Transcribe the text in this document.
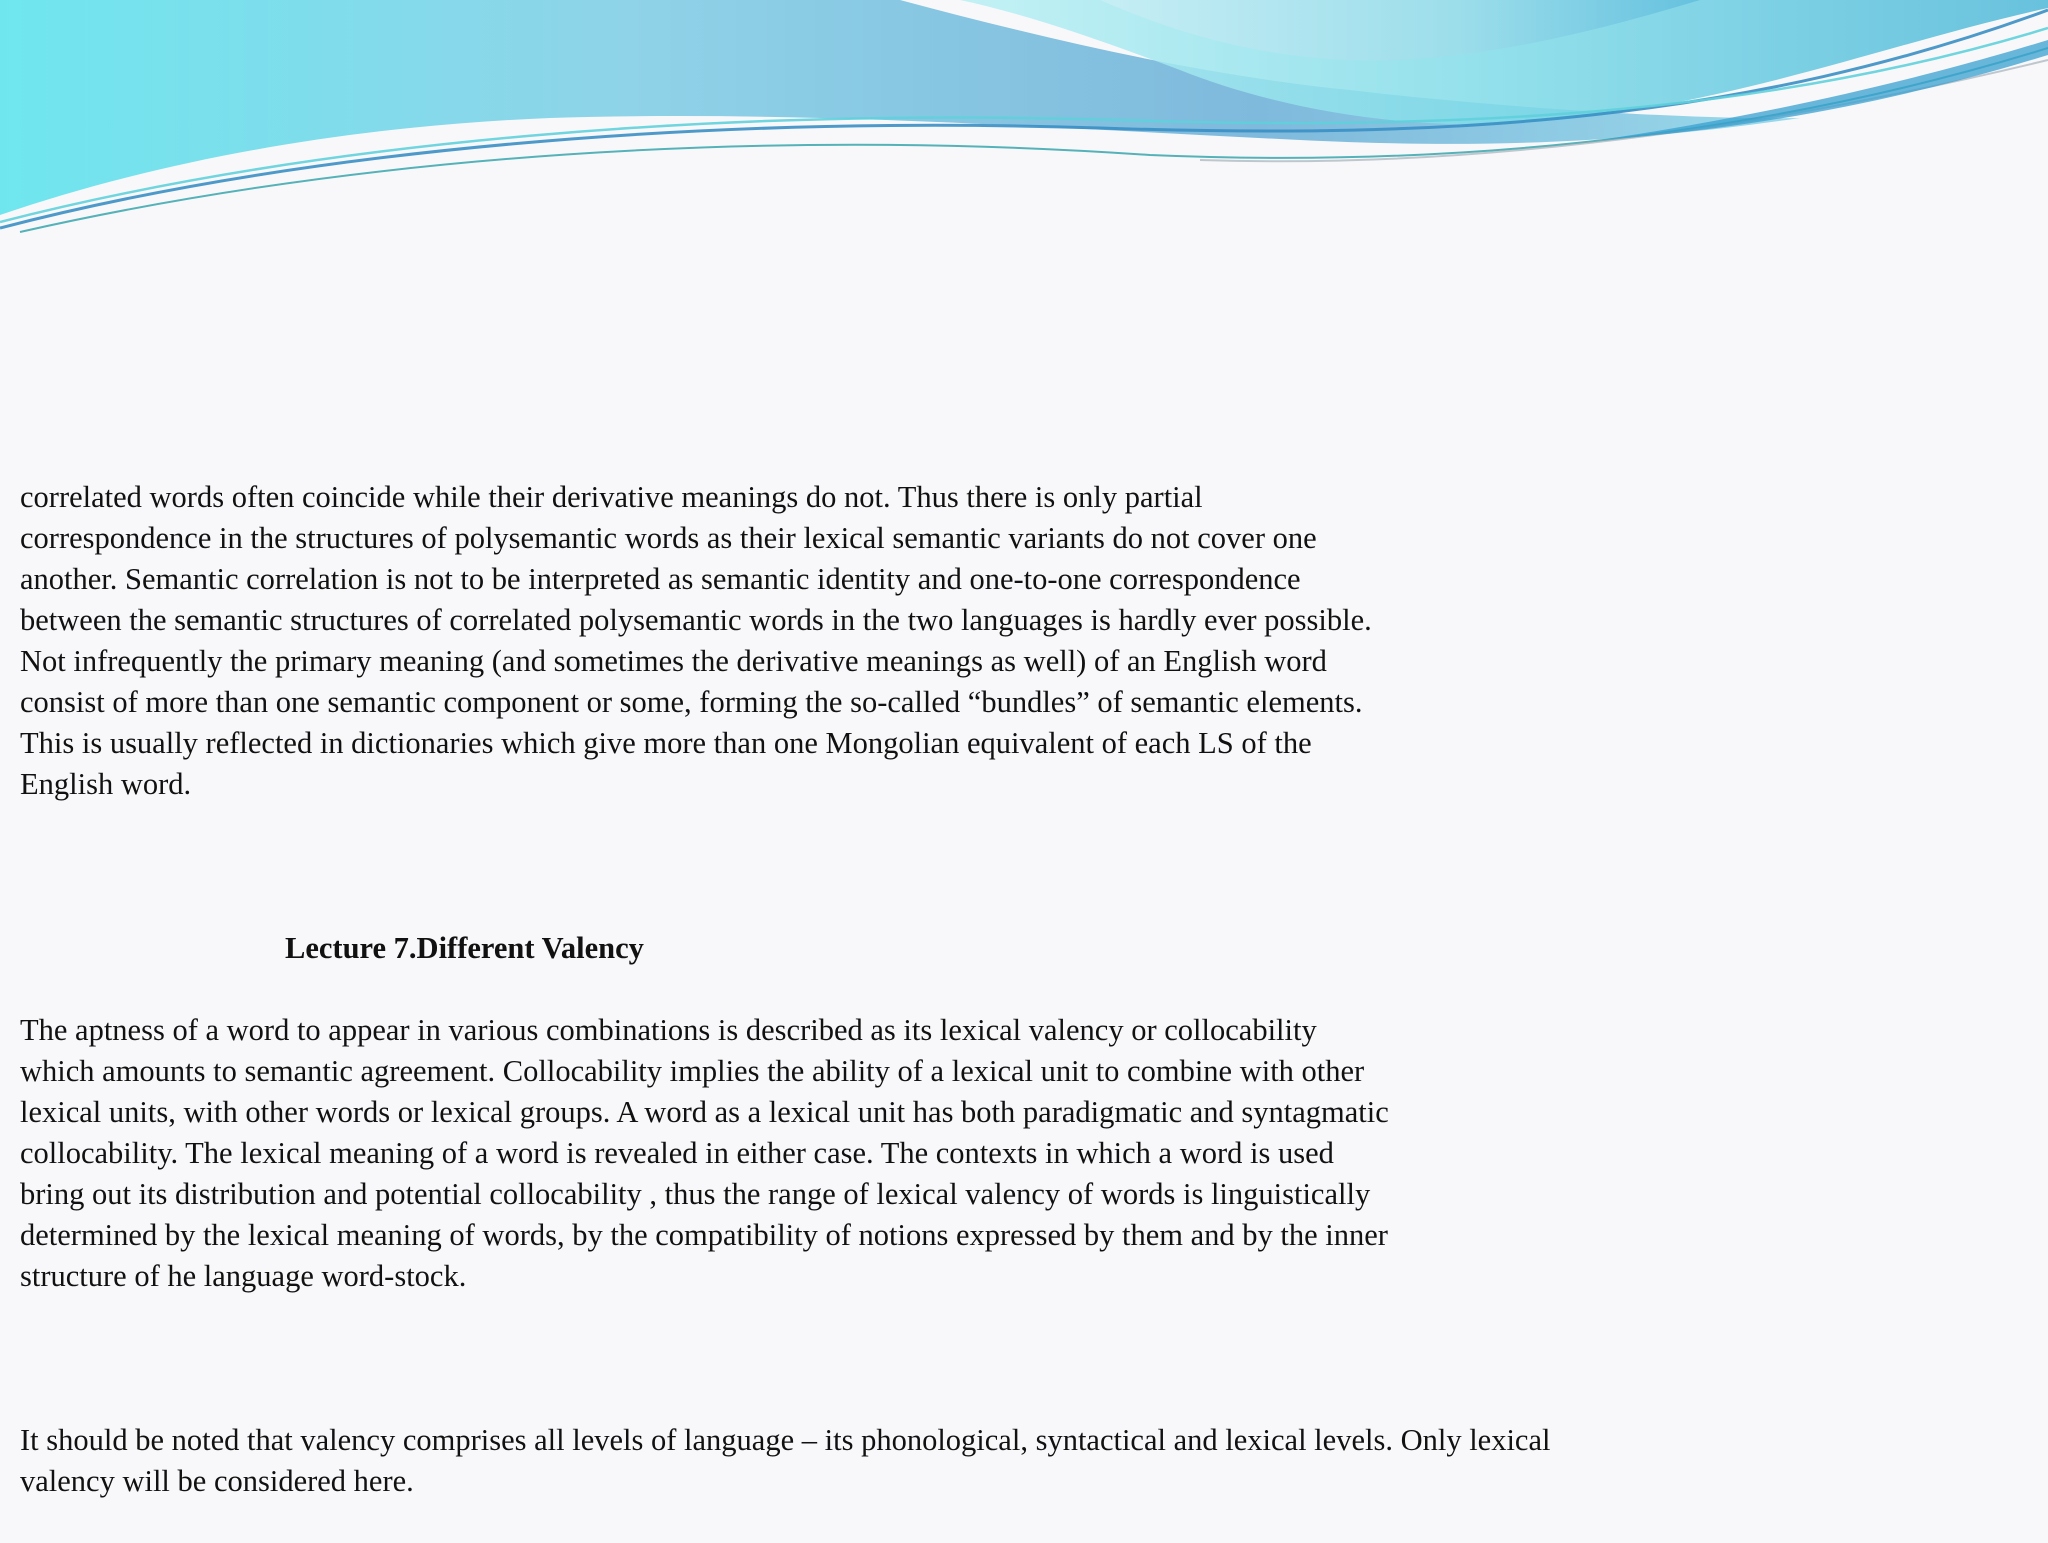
correlated words often coincide while their derivative meanings do not. Thus there is only partial
correspondence in the structures of polysemantic words as their lexical semantic variants do not cover one
another. Semantic correlation is not to be interpreted as semantic identity and one-to-one correspondence
between the semantic structures of correlated polysemantic words in the two languages is hardly ever possible.
Not infrequently the primary meaning (and sometimes the derivative meanings as well) of an English word
consist of more than one semantic component or some, forming the so-called “bundles” of semantic elements.
This is usually reflected in dictionaries which give more than one Mongolian equivalent of each LS of the
English word.

Lecture 7.Different Valency

The aptness of a word to appear in various combinations is described as its lexical valency or collocability
which amounts to semantic agreement. Collocability implies the ability of a lexical unit to combine with other
lexical units, with other words or lexical groups. A word as a lexical unit has both paradigmatic and syntagmatic
collocability. The lexical meaning of a word is revealed in either case. The contexts in which a word is used
bring out its distribution and potential collocability , thus the range of lexical valency of words is linguistically
determined by the lexical meaning of words, by the compatibility of notions expressed by them and by the inner
structure of he language word-stock.

It should be noted that valency comprises all levels of language – its phonological, syntactical and lexical levels. Only lexical
valency will be considered here.
